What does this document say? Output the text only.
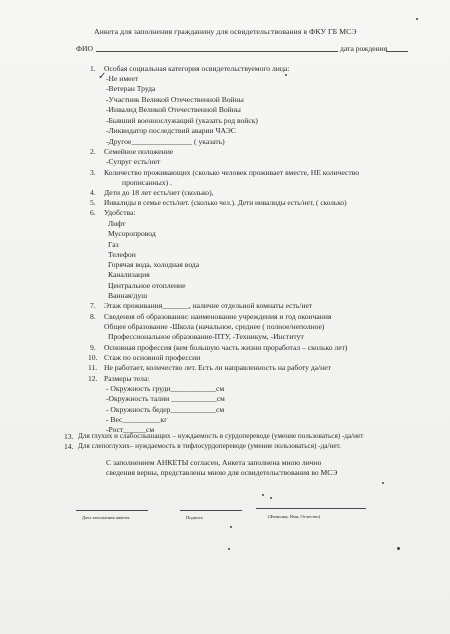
Анкета для заполнения гражданину для освидетельствования в ФКУ ГБ МСЭ
ФИО	дата рождения
1. Особая социальная категория освидетельствуемого лица:
✓ -Не имеет
-Ветеран Труда
-Участник Великой Отечественной Войны
-Инвалид Великой Отечественной Войны
-Бывший военнослужащий (указать род войск)
-Ликвидатор последствий аварии ЧАЭС
-Другое________________ ( указать)
2. Семейное положение
-Супруг есть/нет
3. Количество проживающих (сколько человек проживает вместе, НЕ количество
прописанных) .
4. Дети до 18 лет есть/нет (сколько),
5. Инвалиды в семье есть/нет. (сколько чел.). Дети инвалиды есть/нет, ( сколько)
6. Удобства:
Лифт
Мусоропровод
Газ
Телефон
Горячая вода, холодная вода
Канализация
Центральное отопление
Ванная/душ
7. Этаж проживания_______, наличие отдельной комнаты есть/нет
8. Сведения об образовании: наименование учреждения и год окончания
Общее образование -Школа (начальное, среднее ( полное/неполное)
Профессиональное образование-ПТУ, -Техникум, -Институт
9. Основная профессия (кем большую часть жизни проработал – сколько лет)
10. Стаж по основной профессии
11. Не работает, количество лет. Есть ли направленность на работу да/нет
12. Размеры тела:
- Окружность груди____________см
-Окружность талии ____________см
- Окружность бедер____________см
- Вес__________кг
-Рост______см
13. Для глухих и слабослышащих – нуждаемость в сурдопереводе (умение пользоваться) -да/нет
14. Для слепоглухих– нуждаемость в тифлосурдопереводе (умение пользоваться) -да/нет.
С заполнением АНКЕТЫ согласен, Анкета заполнена мною лично
сведения верны, представлены мною для освидетельствования во МСЭ
Дата заполнения анкеты	Подпись	(Фамилия, Имя, Отчество)
